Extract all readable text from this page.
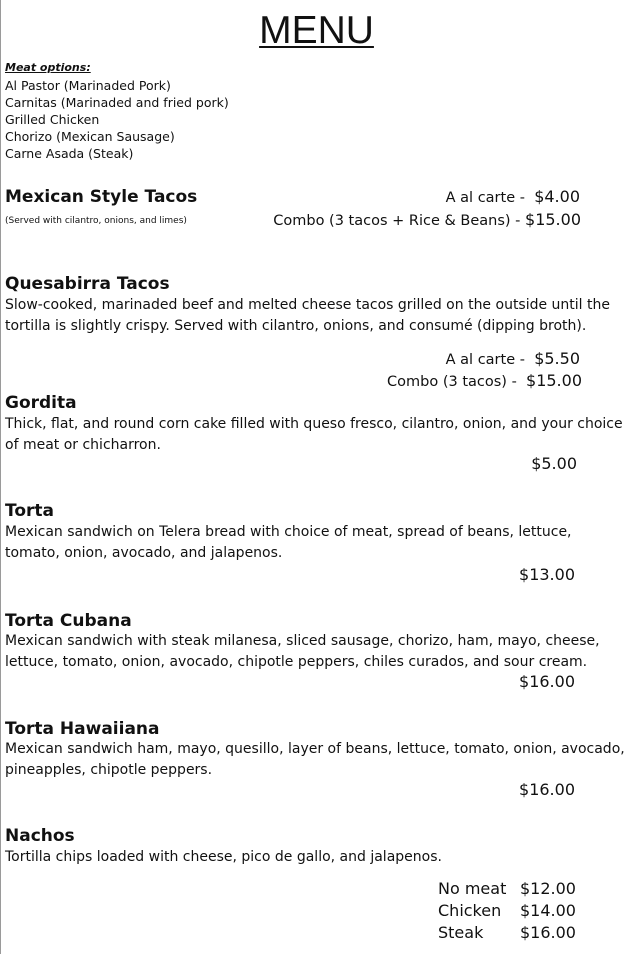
MENU
Meat options:
Al Pastor (Marinaded Pork)
Carnitas (Marinaded and fried pork)
Grilled Chicken
Chorizo (Mexican Sausage)
Carne Asada (Steak)
Mexican Style Tacos
(Served with cilantro, onions, and limes)
A al carte - $4.00
Combo (3 tacos + Rice & Beans) - $15.00
Quesabirra Tacos
Slow-cooked, marinaded beef and melted cheese tacos grilled on the outside until the tortilla is slightly crispy. Served with cilantro, onions, and consumé (dipping broth).
A al carte - $5.50
Combo (3 tacos) - $15.00
Gordita
Thick, flat, and round corn cake filled with queso fresco, cilantro, onion, and your choice of meat or chicharron.
$5.00
Torta
Mexican sandwich on Telera bread with choice of meat, spread of beans, lettuce, tomato, onion, avocado, and jalapenos.
$13.00
Torta Cubana
Mexican sandwich with steak milanesa, sliced sausage, chorizo, ham, mayo, cheese, lettuce, tomato, onion, avocado, chipotle peppers, chiles curados, and sour cream.
$16.00
Torta Hawaiiana
Mexican sandwich ham, mayo, quesillo, layer of beans, lettuce, tomato, onion, avocado, pineapples, chipotle peppers.
$16.00
Nachos
Tortilla chips loaded with cheese, pico de gallo, and jalapenos.
No meat $12.00
Chicken	$14.00
Steak	$16.00
